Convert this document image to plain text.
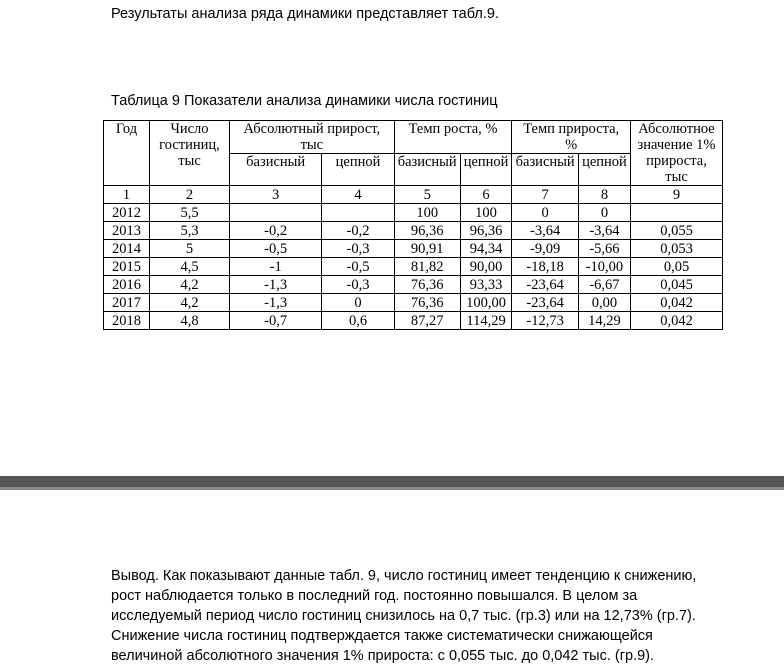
Результаты анализа ряда динамики представляет табл.9.

Таблица 9 Показатели анализа динамики числа гостиниц

Год	Число гостиниц, тыс	Абсолютный прирост, тыс		Темп роста, %		Темп прироста, %		Абсолютное значение 1% прироста, тыс
		базисный	цепной	базисный	цепной	базисный	цепной	
1	2	3	4	5	6	7	8	9
2012	5,5			100	100	0	0	
2013	5,3	-0,2	-0,2	96,36	96,36	-3,64	-3,64	0,055
2014	5	-0,5	-0,3	90,91	94,34	-9,09	-5,66	0,053
2015	4,5	-1	-0,5	81,82	90,00	-18,18	-10,00	0,05
2016	4,2	-1,3	-0,3	76,36	93,33	-23,64	-6,67	0,045
2017	4,2	-1,3	0	76,36	100,00	-23,64	0,00	0,042
2018	4,8	-0,7	0,6	87,27	114,29	-12,73	14,29	0,042

Вывод. Как показывают данные табл. 9, число гостиниц имеет тенденцию к снижению, рост наблюдается только в последний год. постоянно повышался. В целом за исследуемый период число гостиниц снизилось на 0,7 тыс. (гр.3) или на 12,73% (гр.7). Снижение числа гостиниц подтверждается также систематически снижающейся величиной абсолютного значения 1% прироста: с 0,055 тыс. до 0,042 тыс. (гр.9).
